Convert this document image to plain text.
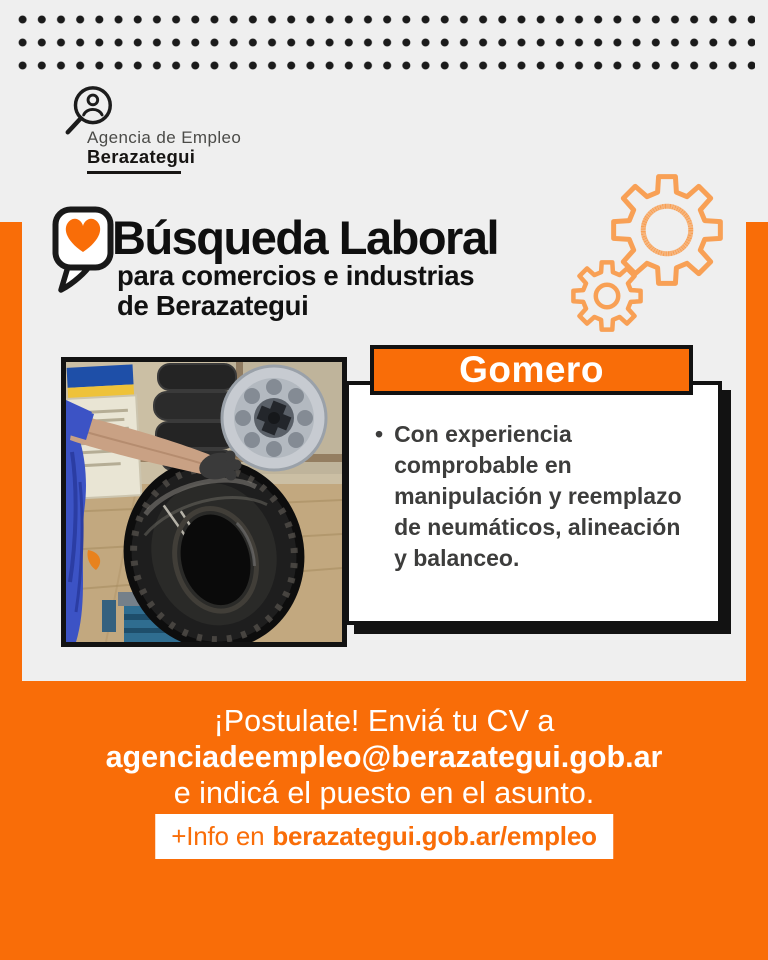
Agencia de Empleo
Berazategui
Búsqueda Laboral
para comercios e industrias
de Berazategui
Gomero
• Con experiencia comprobable en manipulación y reemplazo de neumáticos, alineación y balanceo.
¡Postulate! Enviá tu CV a
agenciadeempleo@berazategui.gob.ar
e indicá el puesto en el asunto.
+Info en berazategui.gob.ar/empleo
